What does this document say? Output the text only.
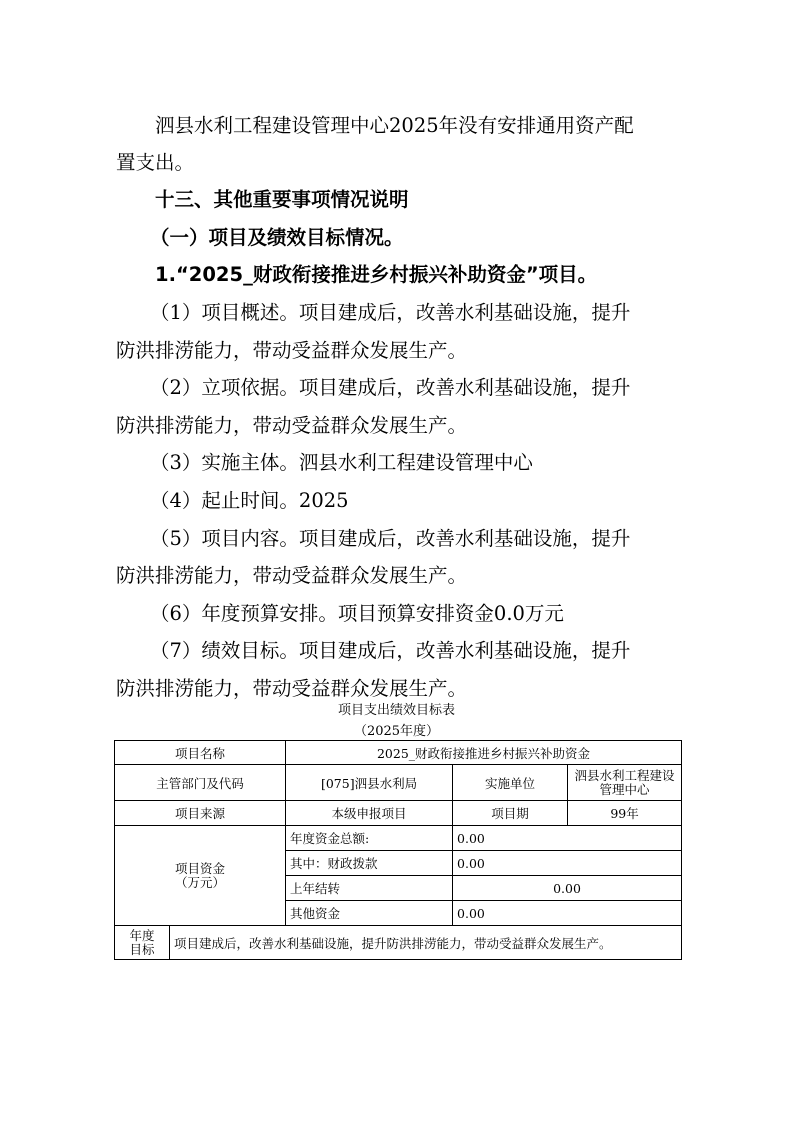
泗县水利工程建设管理中心2025年没有安排通用资产配
置支出。
十三、其他重要事项情况说明
（一）项目及绩效目标情况。
1.“2025_财政衔接推进乡村振兴补助资金”项目。
（1）项目概述。项目建成后，改善水利基础设施，提升
防洪排涝能力，带动受益群众发展生产。
（2）立项依据。项目建成后，改善水利基础设施，提升
防洪排涝能力，带动受益群众发展生产。
（3）实施主体。泗县水利工程建设管理中心
（4）起止时间。2025
（5）项目内容。项目建成后，改善水利基础设施，提升
防洪排涝能力，带动受益群众发展生产。
（6）年度预算安排。项目预算安排资金0.0万元
（7）绩效目标。项目建成后，改善水利基础设施，提升
防洪排涝能力，带动受益群众发展生产。
项目支出绩效目标表
（2025年度）
项目名称		2025_财政衔接推进乡村振兴补助资金		
主管部门及代码		[075]泗县水利局	实施单位	泗县水利工程建设
管理中心

项目来源		本级申报项目	项目期	99年

项目资金
（万元）		年度资金总额:	0.00	
		其中：财政拨款	0.00	
		上年结转	0.00	
		其他资金	0.00	

年度
目标	项目建成后，改善水利基础设施，提升防洪排涝能力，带动受益群众发展生产。			
